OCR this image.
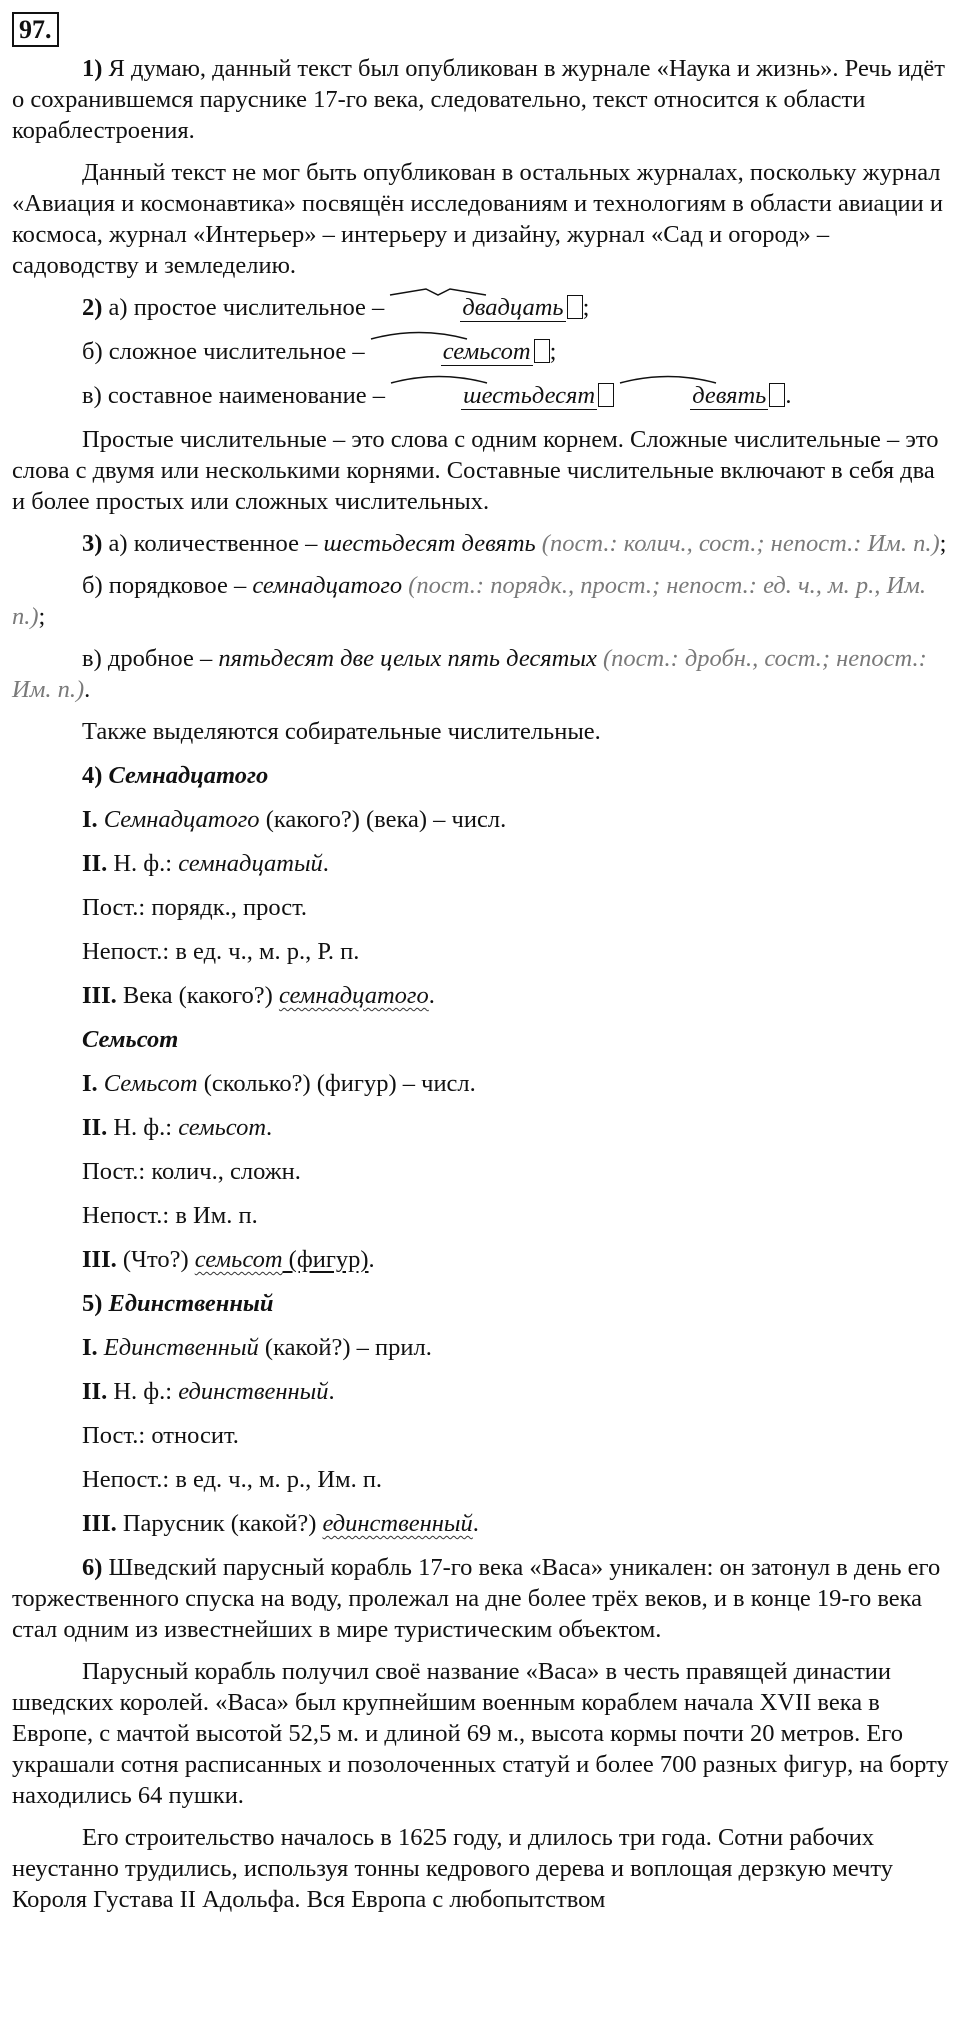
97.

1) Я думаю, данный текст был опубликован в журнале «Наука и жизнь». Речь идёт о сохранившемся паруснике 17-го века, следовательно, текст относится к области кораблестроения.

Данный текст не мог быть опубликован в остальных журналах, поскольку журнал «Авиация и космонавтика» посвящён исследованиям и технологиям в области авиации и космоса, журнал «Интерьер» – интерьеру и дизайну, журнал «Сад и огород» – садоводству и земледелию.

2) а) простое числительное –	двадцать ;

б) сложное числительное –	семьсот ;

в) составное наименование –	шестьдесят	девять .

Простые числительные – это слова с одним корнем. Сложные числительные – это слова с двумя или несколькими корнями. Составные числительные включают в себя два и более простых или сложных числительных.

3) а) количественное – шестьдесят девять (пост.: колич., сост.; непост.: Им. п.);

б) порядковое – семнадцатого (пост.: порядк., прост.; непост.: ед. ч., м. р., Им. п.);

в) дробное – пятьдесят две целых пять десятых (пост.: дробн., сост.; непост.: Им. п.).

Также выделяются собирательные числительные.

4) Семнадцатого

I. Семнадцатого (какого?) (века) – числ.

II. Н. ф.: семнадцатый.

Пост.: порядк., прост.

Непост.: в ед. ч., м. р., Р. п.

III. Века (какого?) семнадцатого.

Семьсот

I. Семьсот (сколько?) (фигур) – числ.

II. Н. ф.: семьсот.

Пост.: колич., сложн.

Непост.: в Им. п.

III. (Что?) семьсот (фигур).

5) Единственный

I. Единственный (какой?) – прил.

II. Н. ф.: единственный.

Пост.: относит.

Непост.: в ед. ч., м. р., Им. п.

III. Парусник (какой?) единственный.

6) Шведский парусный корабль 17-го века «Васа» уникален: он затонул в день его торжественного спуска на воду, пролежал на дне более трёх веков, и в конце 19-го века стал одним из известнейших в мире туристическим объектом.

Парусный корабль получил своё название «Васа» в честь правящей династии шведских королей. «Васа» был крупнейшим военным кораблем начала XVII века в Европе, с мачтой высотой 52,5 м. и длиной 69 м., высота кормы почти 20 метров. Его украшали сотня расписанных и позолоченных статуй и более 700 разных фигур, на борту находились 64 пушки.

Его строительство началось в 1625 году, и длилось три года. Сотни рабочих неустанно трудились, используя тонны кедрового дерева и воплощая дерзкую мечту Короля Густава II Адольфа. Вся Европа с любопытством
